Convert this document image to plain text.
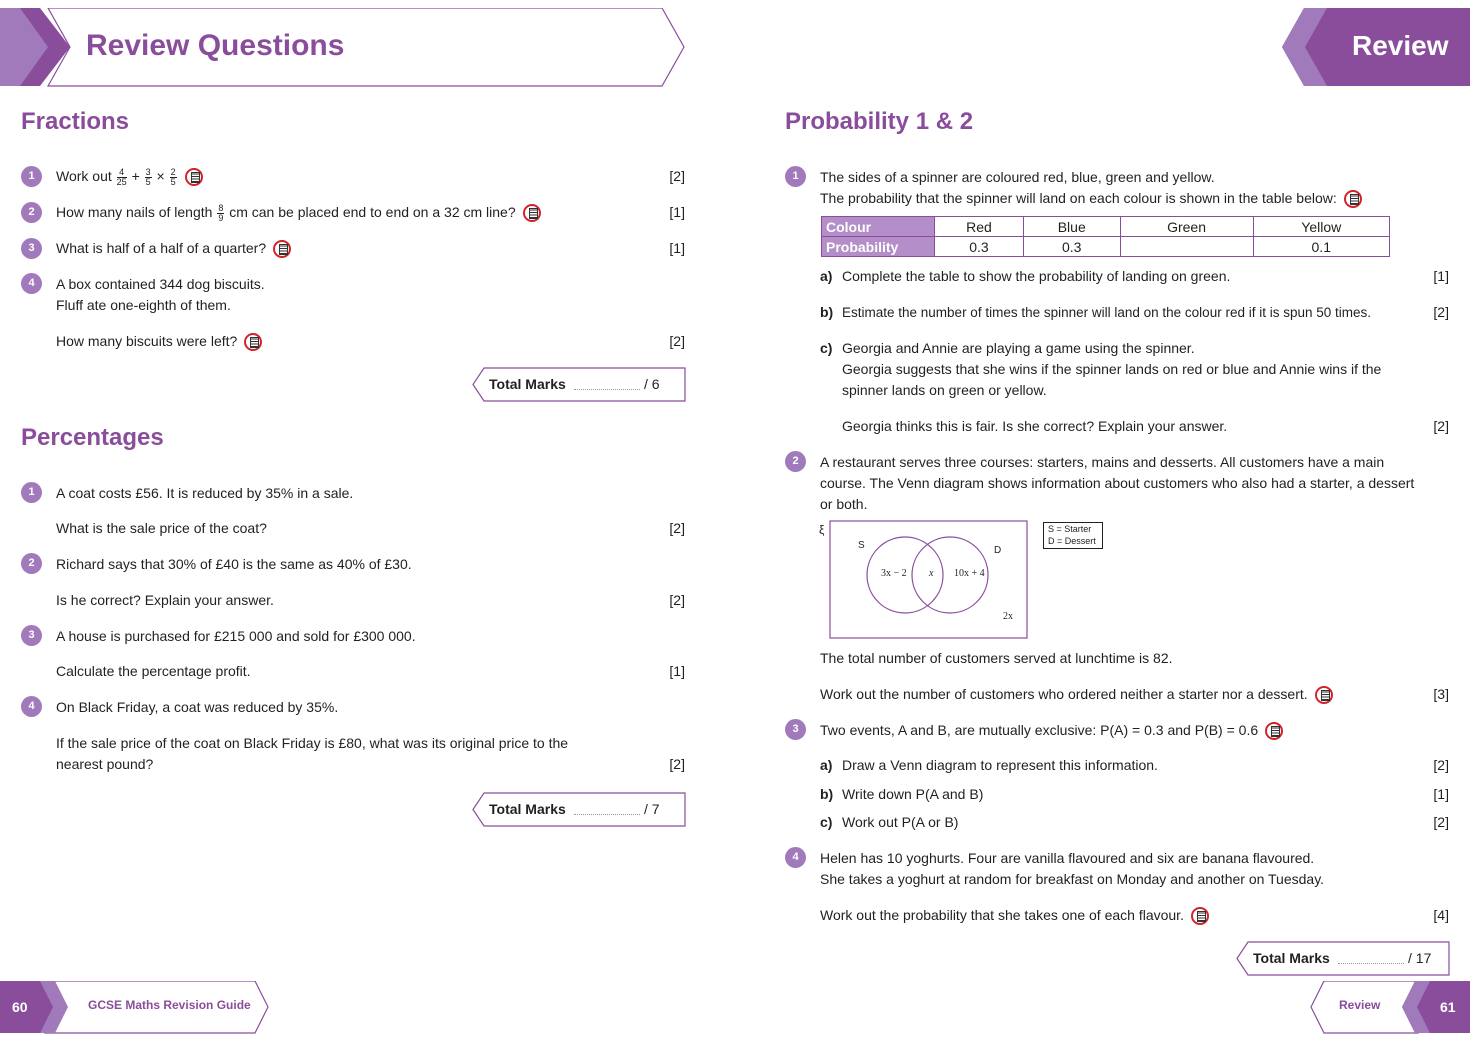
Review Questions
Fractions
1	Work out $\frac{4}{25} + \frac{3}{5} \times \frac{2}{5}$
	[2]
2	How many nails of length $\frac{8}{9}$ cm can be placed end to end on a 32 cm line?	[1]
3	What is half of a half of a quarter?	[1]
4	A box contained 344 dog biscuits.
Fluff ate one-eighth of them.
How many biscuits were left?	[2]
Total Marks	/ 6
Percentages
1	A coat costs £56. It is reduced by 35% in a sale.
What is the sale price of the coat?	[2]
2	Richard says that 30% of £40 is the same as 40% of £30.
Is he correct? Explain your answer.	[2]
3	A house is purchased for £215 000 and sold for £300 000.
Calculate the percentage profit.	[1]
4	On Black Friday, a coat was reduced by 35%.
If the sale price of the coat on Black Friday is £80, what was its original price to the
nearest pound?	[2]
Total Marks	/ 7
60	GCSE Maths Revision Guide
Review
Probability 1 & 2
1	The sides of a spinner are coloured red, blue, green and yellow.
The probability that the spinner will land on each colour is shown in the table below:
Colour	Red	Blue	Green	Yellow
Probability	0.3	0.3		0.1
a) Complete the table to show the probability of landing on green.	[1]
b) Estimate the number of times the spinner will land on the colour red if it is spun 50 times.	[2]
c) Georgia and Annie are playing a game using the spinner.
Georgia suggests that she wins if the spinner lands on red or blue and Annie wins if the
spinner lands on green or yellow.
Georgia thinks this is fair. Is she correct? Explain your answer.	[2]
2	A restaurant serves three courses: starters, mains and desserts. All customers have a main
course. The Venn diagram shows information about customers who also had a starter, a dessert
or both.
ξ
S	D
3x − 2 x 10x + 4
2x
S = Starter
D = Dessert
The total number of customers served at lunchtime is 82.
Work out the number of customers who ordered neither a starter nor a dessert.	[3]
3	Two events, A and B, are mutually exclusive: P(A) = 0.3 and P(B) = 0.6
a) Draw a Venn diagram to represent this information.	[2]
b) Write down P(A and B)	[1]
c) Work out P(A or B)	[2]
4	Helen has 10 yoghurts. Four are vanilla flavoured and six are banana flavoured.
She takes a yoghurt at random for breakfast on Monday and another on Tuesday.
Work out the probability that she takes one of each flavour.	[4]
Total Marks	/ 17
Review	61
